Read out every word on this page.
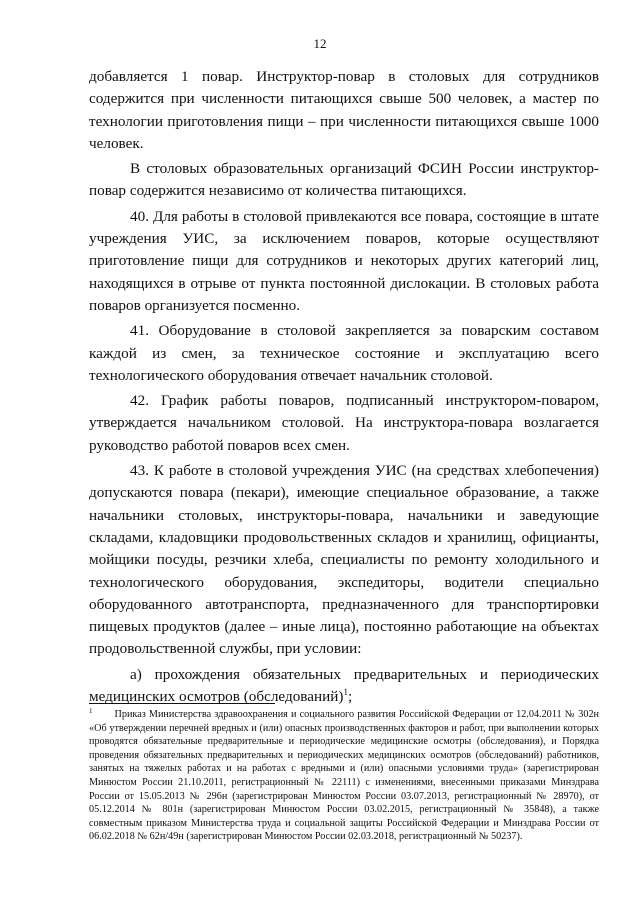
12

добавляется 1 повар. Инструктор-повар в столовых для сотрудников содержится при численности питающихся свыше 500 человек, а мастер по технологии приготовления пищи – при численности питающихся свыше 1000 человек.

В столовых образовательных организаций ФСИН России инструктор-повар содержится независимо от количества питающихся.

40. Для работы в столовой привлекаются все повара, состоящие в штате учреждения УИС, за исключением поваров, которые осуществляют приготовление пищи для сотрудников и некоторых других категорий лиц, находящихся в отрыве от пункта постоянной дислокации. В столовых работа поваров организуется посменно.

41. Оборудование в столовой закрепляется за поварским составом каждой из смен, за техническое состояние и эксплуатацию всего технологического оборудования отвечает начальник столовой.

42. График работы поваров, подписанный инструктором-поваром, утверждается начальником столовой. На инструктора-повара возлагается руководство работой поваров всех смен.

43. К работе в столовой учреждения УИС (на средствах хлебопечения) допускаются повара (пекари), имеющие специальное образование, а также начальники столовых, инструкторы-повара, начальники и заведующие складами, кладовщики продовольственных складов и хранилищ, официанты, мойщики посуды, резчики хлеба, специалисты по ремонту холодильного и технологического оборудования, экспедиторы, водители специально оборудованного автотранспорта, предназначенного для транспортировки пищевых продуктов (далее – иные лица), постоянно работающие на объектах продовольственной службы, при условии:

а) прохождения обязательных предварительных и периодических медицинских осмотров (обследований)$^1$;

$^1$ Приказ Министерства здравоохранения и социального развития Российской Федерации от 12.04.2011 № 302н «Об утверждении перечней вредных и (или) опасных производственных факторов и работ, при выполнении которых проводятся обязательные предварительные и периодические медицинские осмотры (обследования), и Порядка проведения обязательных предварительных и периодических медицинских осмотров (обследований) работников, занятых на тяжелых работах и на работах с вредными и (или) опасными условиями труда» (зарегистрирован Минюстом России 21.10.2011, регистрационный № 22111) с изменениями, внесенными приказами Минздрава России от 15.05.2013 № 296н (зарегистрирован Минюстом России 03.07.2013, регистрационный № 28970), от 05.12.2014 № 801н (зарегистрирован Минюстом России 03.02.2015, регистрационный № 35848), а также совместным приказом Министерства труда и социальной защиты Российской Федерации и Минздрава России от 06.02.2018 № 62н/49н (зарегистрирован Минюстом России 02.03.2018, регистрационный № 50237).
